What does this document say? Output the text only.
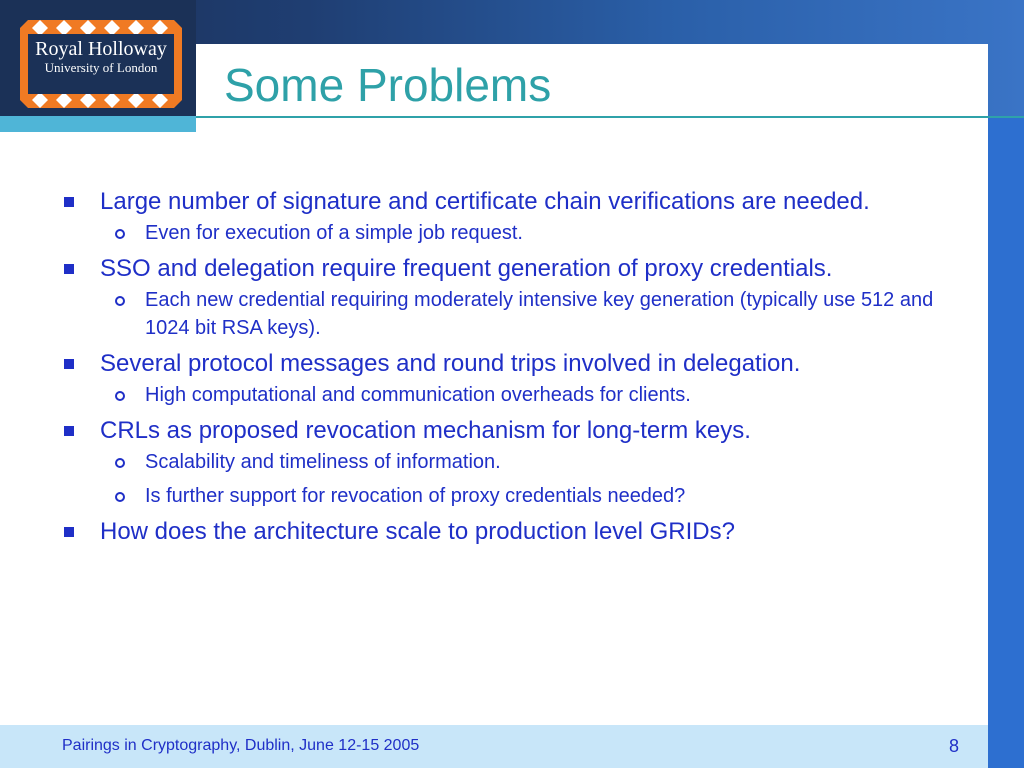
Royal Holloway
University of London	Some Problems
Large number of signature and certificate chain verifications are needed.
Even for execution of a simple job request.
SSO and delegation require frequent generation of proxy credentials.
Each new credential requiring moderately intensive key generation (typically use 512 and 1024 bit RSA keys).
Several protocol messages and round trips involved in delegation.
High computational and communication overheads for clients.
CRLs as proposed revocation mechanism for long-term keys.
Scalability and timeliness of information.
Is further support for revocation of proxy credentials needed?
How does the architecture scale to production level GRIDs?
Pairings in Cryptography, Dublin, June 12-15 2005	8
